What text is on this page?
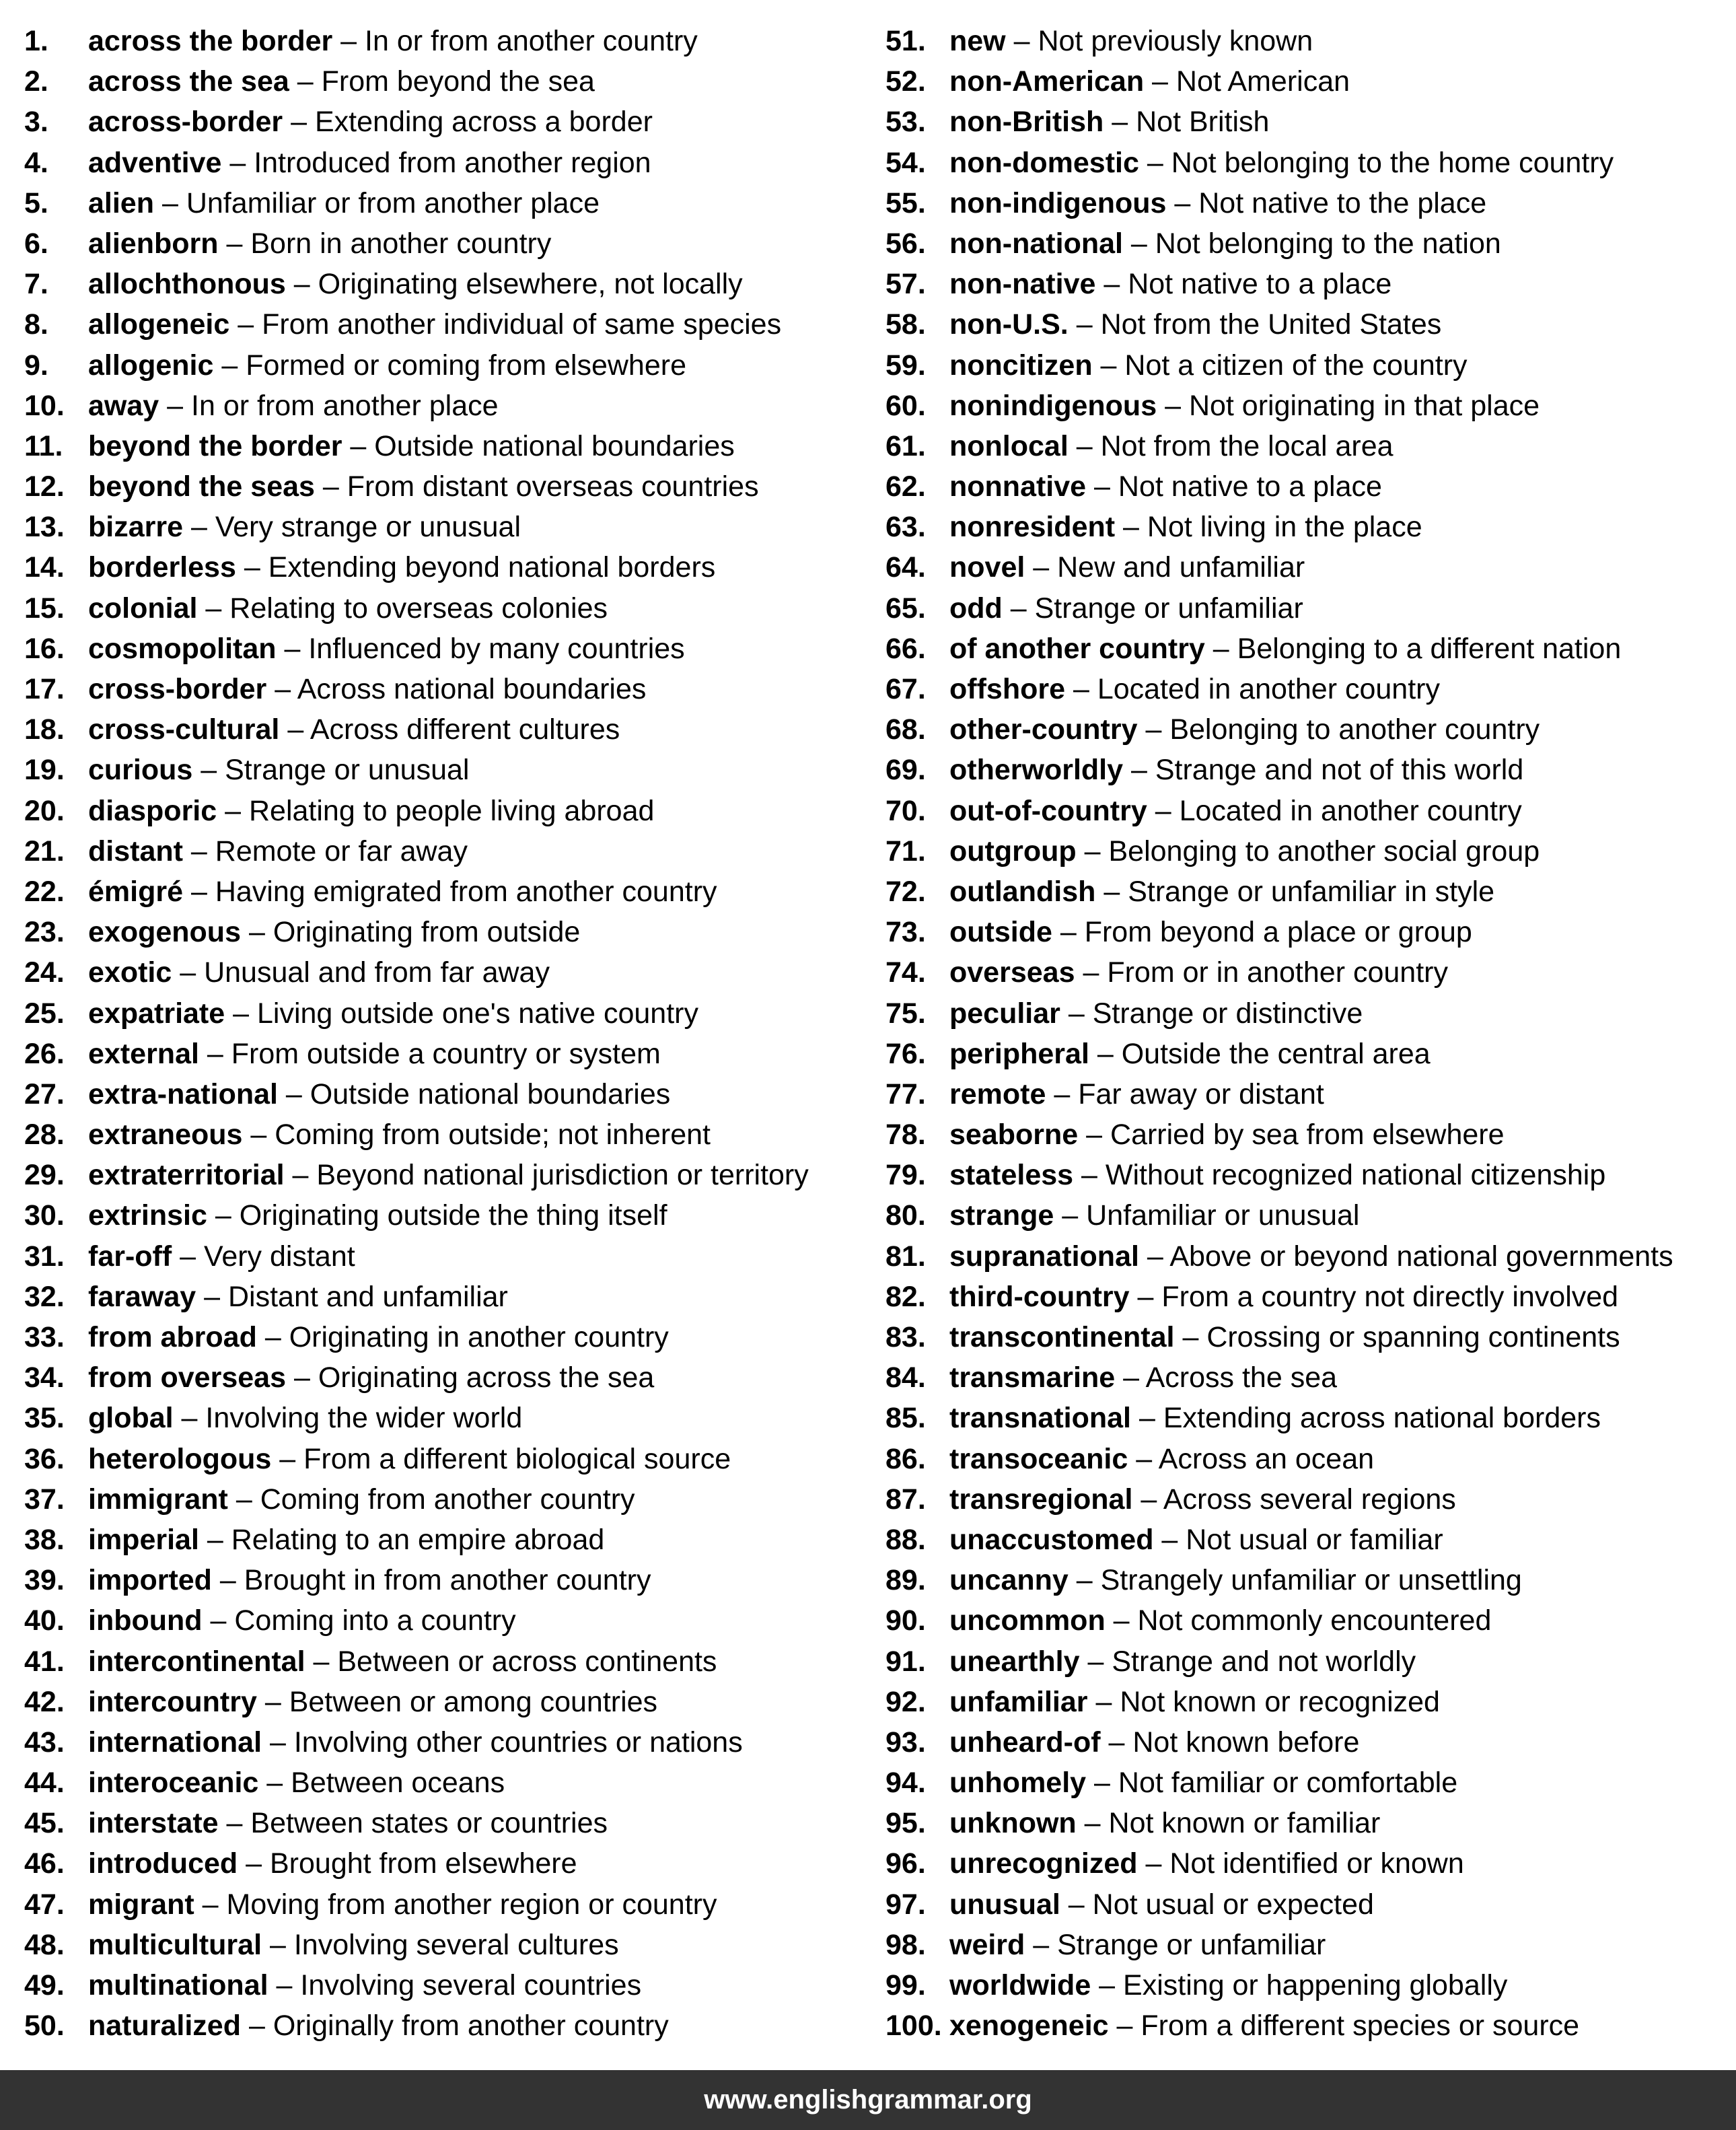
1.	across the border – In or from another country
2.	across the sea – From beyond the sea
3.	across-border – Extending across a border
4.	adventive – Introduced from another region
5.	alien – Unfamiliar or from another place
6.	alienborn – Born in another country
7.	allochthonous – Originating elsewhere, not locally
8.	allogeneic – From another individual of same species
9.	allogenic – Formed or coming from elsewhere
10. away – In or from another place
11. beyond the border – Outside national boundaries
12. beyond the seas – From distant overseas countries
13. bizarre – Very strange or unusual
14. borderless – Extending beyond national borders
15. colonial – Relating to overseas colonies
16. cosmopolitan – Influenced by many countries
17. cross-border – Across national boundaries
18. cross-cultural – Across different cultures
19. curious – Strange or unusual
20. diasporic – Relating to people living abroad
21. distant – Remote or far away
22. émigré – Having emigrated from another country
23. exogenous – Originating from outside
24. exotic – Unusual and from far away
25. expatriate – Living outside one's native country
26. external – From outside a country or system
27. extra-national – Outside national boundaries
28. extraneous – Coming from outside; not inherent
29. extraterritorial – Beyond national jurisdiction or territory
30. extrinsic – Originating outside the thing itself
31. far-off – Very distant
32. faraway – Distant and unfamiliar
33. from abroad – Originating in another country
34. from overseas – Originating across the sea
35. global – Involving the wider world
36. heterologous – From a different biological source
37. immigrant – Coming from another country
38. imperial – Relating to an empire abroad
39. imported – Brought in from another country
40. inbound – Coming into a country
41. intercontinental – Between or across continents
42. intercountry – Between or among countries
43. international – Involving other countries or nations
44. interoceanic – Between oceans
45. interstate – Between states or countries
46. introduced – Brought from elsewhere
47. migrant – Moving from another region or country
48. multicultural – Involving several cultures
49. multinational – Involving several countries
50. naturalized – Originally from another country
51. new – Not previously known
52. non-American – Not American
53. non-British – Not British
54. non-domestic – Not belonging to the home country
55. non-indigenous – Not native to the place
56. non-national – Not belonging to the nation
57. non-native – Not native to a place
58. non-U.S. – Not from the United States
59. noncitizen – Not a citizen of the country
60. nonindigenous – Not originating in that place
61. nonlocal – Not from the local area
62. nonnative – Not native to a place
63. nonresident – Not living in the place
64. novel – New and unfamiliar
65. odd – Strange or unfamiliar
66. of another country – Belonging to a different nation
67. offshore – Located in another country
68. other-country – Belonging to another country
69. otherworldly – Strange and not of this world
70. out-of-country – Located in another country
71. outgroup – Belonging to another social group
72. outlandish – Strange or unfamiliar in style
73. outside – From beyond a place or group
74. overseas – From or in another country
75. peculiar – Strange or distinctive
76. peripheral – Outside the central area
77. remote – Far away or distant
78. seaborne – Carried by sea from elsewhere
79. stateless – Without recognized national citizenship
80. strange – Unfamiliar or unusual
81. supranational – Above or beyond national governments
82. third-country – From a country not directly involved
83. transcontinental – Crossing or spanning continents
84. transmarine – Across the sea
85. transnational – Extending across national borders
86. transoceanic – Across an ocean
87. transregional – Across several regions
88. unaccustomed – Not usual or familiar
89. uncanny – Strangely unfamiliar or unsettling
90. uncommon – Not commonly encountered
91. unearthly – Strange and not worldly
92. unfamiliar – Not known or recognized
93. unheard-of – Not known before
94. unhomely – Not familiar or comfortable
95. unknown – Not known or familiar
96. unrecognized – Not identified or known
97. unusual – Not usual or expected
98. weird – Strange or unfamiliar
99. worldwide – Existing or happening globally
100. xenogeneic – From a different species or source
www.englishgrammar.org
